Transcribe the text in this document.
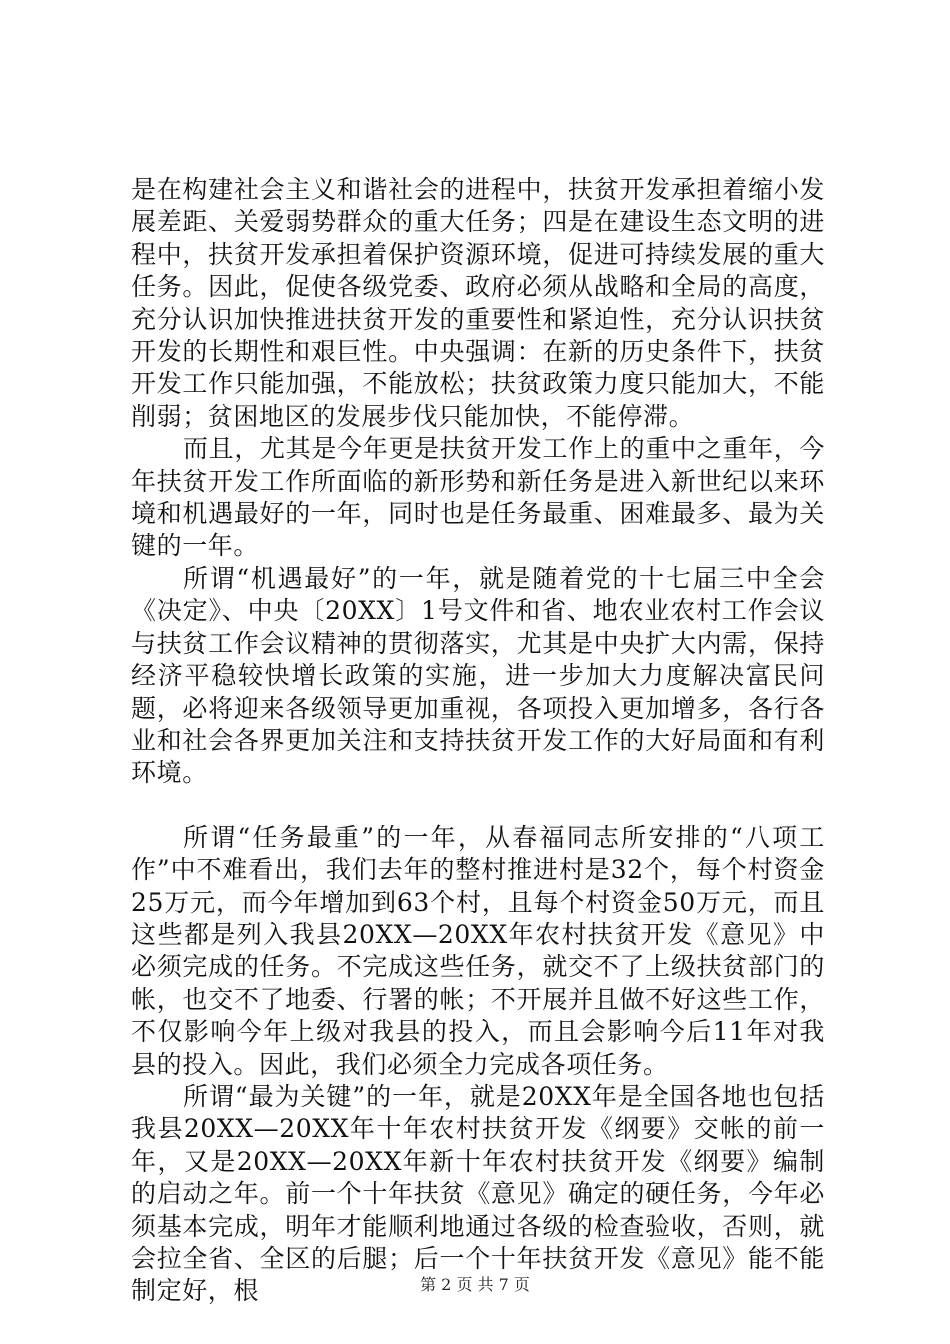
是在构建社会主义和谐社会的进程中，扶贫开发承担着缩小发展差距、关爱弱势群众的重大任务；四是在建设生态文明的进程中，扶贫开发承担着保护资源环境，促进可持续发展的重大任务。因此，促使各级党委、政府必须从战略和全局的高度，充分认识加快推进扶贫开发的重要性和紧迫性，充分认识扶贫开发的长期性和艰巨性。中央强调：在新的历史条件下，扶贫开发工作只能加强，不能放松；扶贫政策力度只能加大，不能削弱；贫困地区的发展步伐只能加快，不能停滞。

而且，尤其是今年更是扶贫开发工作上的重中之重年，今年扶贫开发工作所面临的新形势和新任务是进入新世纪以来环境和机遇最好的一年，同时也是任务最重、困难最多、最为关键的一年。

所谓“机遇最好”的一年，就是随着党的十七届三中全会《决定》、中央〔20XX〕1号文件和省、地农业农村工作会议与扶贫工作会议精神的贯彻落实，尤其是中央扩大内需，保持经济平稳较快增长政策的实施，进一步加大力度解决富民问题，必将迎来各级领导更加重视，各项投入更加增多，各行各业和社会各界更加关注和支持扶贫开发工作的大好局面和有利环境。

所谓“任务最重”的一年，从春福同志所安排的“八项工作”中不难看出，我们去年的整村推进村是32个，每个村资金25万元，而今年增加到63个村，且每个村资金50万元，而且这些都是列入我县20XX—20XX年农村扶贫开发《意见》中必须完成的任务。不完成这些任务，就交不了上级扶贫部门的帐，也交不了地委、行署的帐；不开展并且做不好这些工作，不仅影响今年上级对我县的投入，而且会影响今后11年对我县的投入。因此，我们必须全力完成各项任务。

所谓“最为关键”的一年，就是20XX年是全国各地也包括我县20XX—20XX年十年农村扶贫开发《纲要》交帐的前一年，又是20XX—20XX年新十年农村扶贫开发《纲要》编制的启动之年。前一个十年扶贫《意见》确定的硬任务，今年必须基本完成，明年才能顺利地通过各级的检查验收，否则，就会拉全省、全区的后腿；后一个十年扶贫开发《意见》能不能制定好，根	第 2 页 共 7 页
